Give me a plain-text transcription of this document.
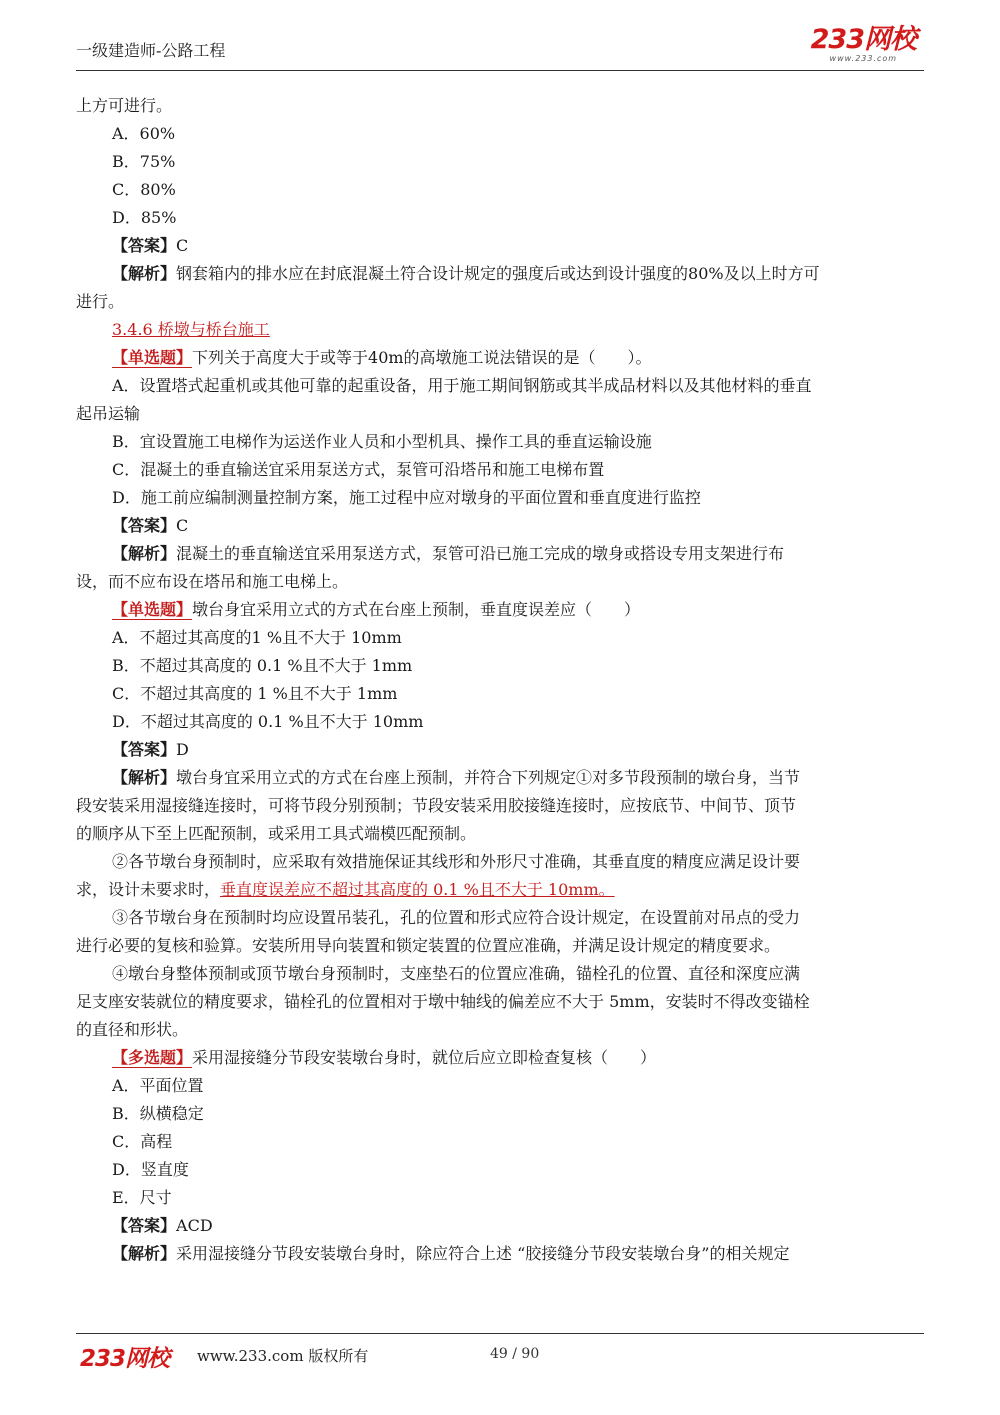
一级建造师-公路工程	233网校
www.233.com
上方可进行。
A．60%
B．75%
C．80%
D．85%
【答案】C
【解析】钢套箱内的排水应在封底混凝土符合设计规定的强度后或达到设计强度的80%及以上时方可
进行。
3.4.6 桥墩与桥台施工
【单选题】下列关于高度大于或等于40m的高墩施工说法错误的是（　　）。
A．设置塔式起重机或其他可靠的起重设备，用于施工期间钢筋或其半成品材料以及其他材料的垂直
起吊运输
B．宜设置施工电梯作为运送作业人员和小型机具、操作工具的垂直运输设施
C．混凝土的垂直输送宜采用泵送方式，泵管可沿塔吊和施工电梯布置
D．施工前应编制测量控制方案，施工过程中应对墩身的平面位置和垂直度进行监控
【答案】C
【解析】混凝土的垂直输送宜采用泵送方式，泵管可沿已施工完成的墩身或搭设专用支架进行布
设，而不应布设在塔吊和施工电梯上。
【单选题】墩台身宜采用立式的方式在台座上预制，垂直度误差应（　　）
A．不超过其高度的1 %且不大于 10mm
B．不超过其高度的 0.1 %且不大于 1mm
C．不超过其高度的 1 %且不大于 1mm
D．不超过其高度的 0.1 %且不大于 10mm
【答案】D
【解析】墩台身宜采用立式的方式在台座上预制，并符合下列规定①对多节段预制的墩台身，当节
段安装采用湿接缝连接时，可将节段分别预制；节段安装采用胶接缝连接时，应按底节、中间节、顶节
的顺序从下至上匹配预制，或采用工具式端模匹配预制。
②各节墩台身预制时，应采取有效措施保证其线形和外形尺寸准确，其垂直度的精度应满足设计要
求，设计未要求时，垂直度误差应不超过其高度的 0.1 %且不大于 10mm。
③各节墩台身在预制时均应设置吊装孔，孔的位置和形式应符合设计规定，在设置前对吊点的受力
进行必要的复核和验算。安装所用导向装置和锁定装置的位置应准确，并满足设计规定的精度要求。
④墩台身整体预制或顶节墩台身预制时，支座垫石的位置应准确，锚栓孔的位置、直径和深度应满
足支座安装就位的精度要求，锚栓孔的位置相对于墩中轴线的偏差应不大于 5mm，安装时不得改变锚栓
的直径和形状。
【多选题】采用湿接缝分节段安装墩台身时，就位后应立即检查复核（　　）
A．平面位置
B．纵横稳定
C．高程
D．竖直度
E．尺寸
【答案】ACD
【解析】采用湿接缝分节段安装墩台身时，除应符合上述 “胶接缝分节段安装墩台身”的相关规定
233网校 www.233.com 版权所有	49 / 90
